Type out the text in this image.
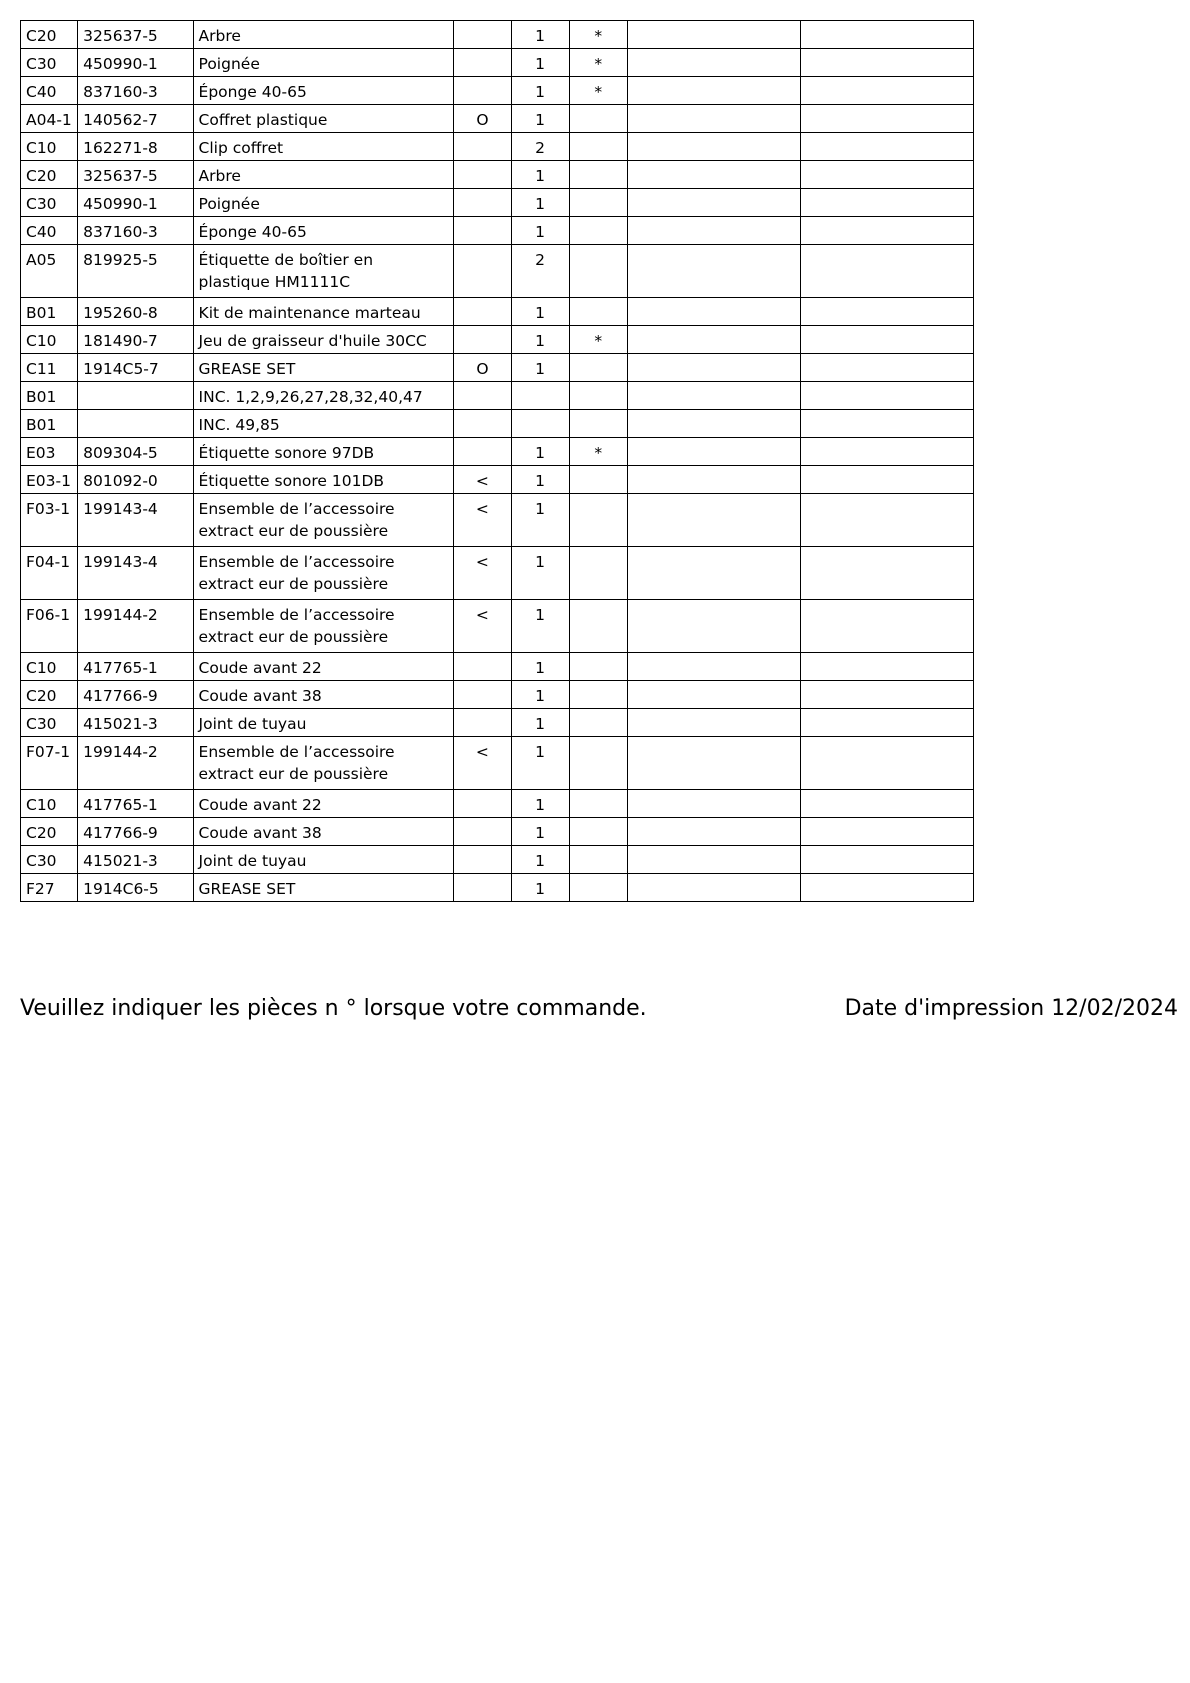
C20	325637-5	Arbre		1	*		
C30	450990-1	Poignée		1	*		
C40	837160-3	Éponge 40-65		1	*		
A04-1	140562-7	Coffret plastique	O	1			
C10	162271-8	Clip coffret		2			
C20	325637-5	Arbre		1			
C30	450990-1	Poignée		1			
C40	837160-3	Éponge 40-65		1			
A05	819925-5	Étiquette de boîtier en plastique HM1111C		2			
B01	195260-8	Kit de maintenance marteau		1			
C10	181490-7	Jeu de graisseur d'huile 30CC		1	*		
C11	1914C5-7	GREASE SET	O	1			
B01		INC. 1,2,9,26,27,28,32,40,47					
B01		INC. 49,85					
E03	809304-5	Étiquette sonore 97DB		1	*		
E03-1	801092-0	Étiquette sonore 101DB	<	1			
F03-1	199143-4	Ensemble de l’accessoire extract eur de poussière	<	1			
F04-1	199143-4	Ensemble de l’accessoire extract eur de poussière	<	1			
F06-1	199144-2	Ensemble de l’accessoire extract eur de poussière	<	1			
C10	417765-1	Coude avant 22		1			
C20	417766-9	Coude avant 38		1			
C30	415021-3	Joint de tuyau		1			
F07-1	199144-2	Ensemble de l’accessoire extract eur de poussière	<	1			
C10	417765-1	Coude avant 22		1			
C20	417766-9	Coude avant 38		1			
C30	415021-3	Joint de tuyau		1			
F27	1914C6-5	GREASE SET		1			
Veuillez indiquer les pièces n ° lorsque votre commande.	Date d'impression 12/02/2024
